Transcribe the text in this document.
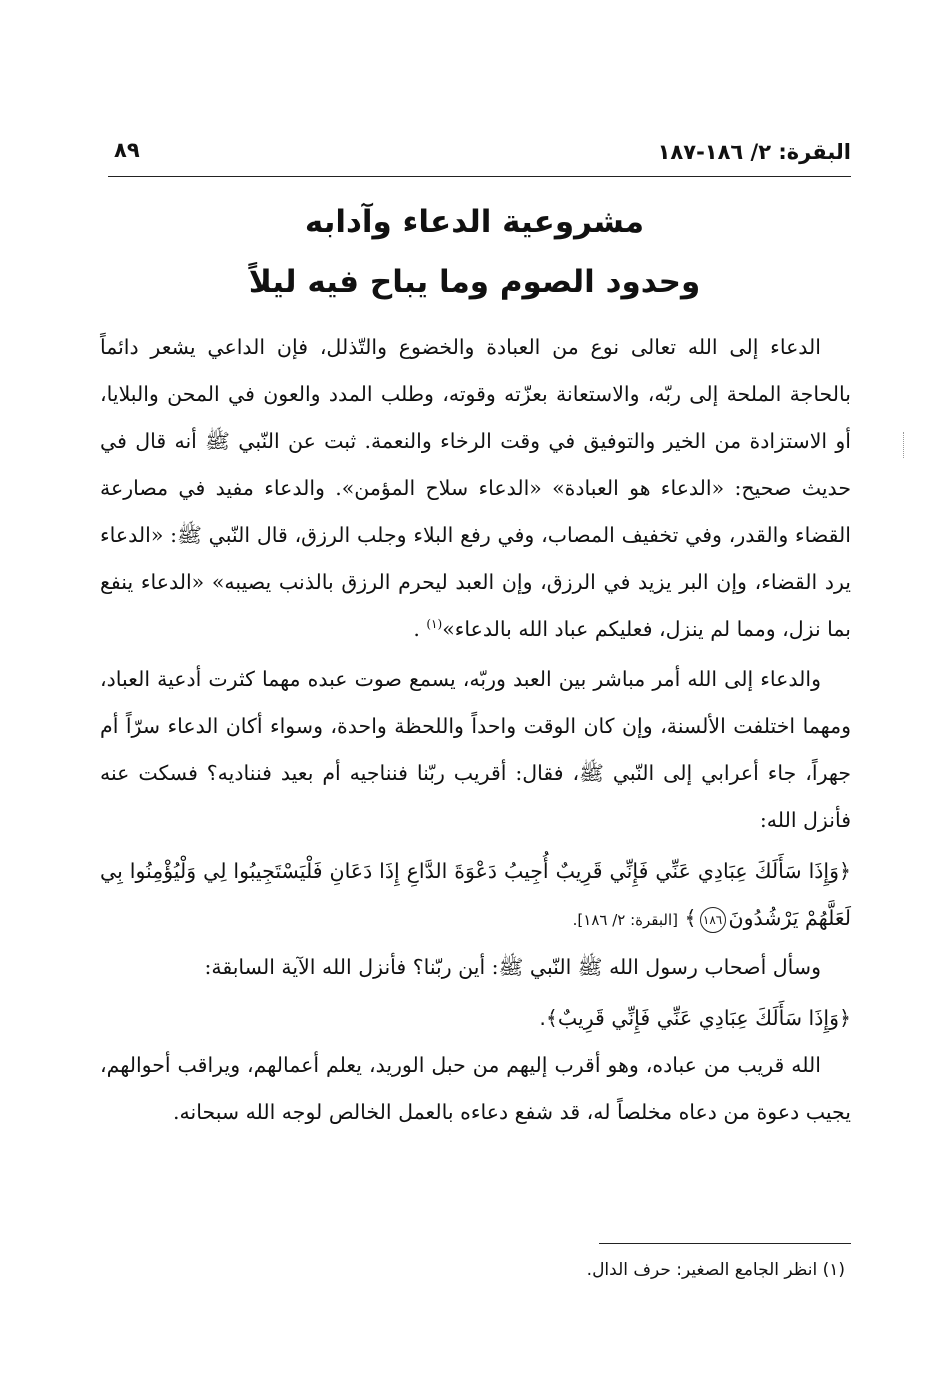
البقرة: ٢/ ١٨٦-١٨٧
٨٩
مشروعية الدعاء وآدابه
وحدود الصوم وما يباح فيه ليلاً

الدعاء إلى الله تعالى نوع من العبادة والخضوع والتّذلل، فإن الداعي يشعر دائماً بالحاجة الملحة إلى ربّه، والاستعانة بعزّته وقوته، وطلب المدد والعون في المحن والبلايا، أو الاستزادة من الخير والتوفيق في وقت الرخاء والنعمة. ثبت عن النّبي ﷺ أنه قال في حديث صحيح: «الدعاء هو العبادة» «الدعاء سلاح المؤمن». والدعاء مفيد في مصارعة القضاء والقدر، وفي تخفيف المصاب، وفي رفع البلاء وجلب الرزق، قال النّبي ﷺ: «الدعاء يرد القضاء، وإن البر يزيد في الرزق، وإن العبد ليحرم الرزق بالذنب يصيبه» «الدعاء ينفع بما نزل، ومما لم ينزل، فعليكم عباد الله بالدعاء»$^{(١)}$ .

والدعاء إلى الله أمر مباشر بين العبد وربّه، يسمع صوت عبده مهما كثرت أدعية العباد، ومهما اختلفت الألسنة، وإن كان الوقت واحداً واللحظة واحدة، وسواء أكان الدعاء سرّاً أم جهراً، جاء أعرابي إلى النّبي ﷺ، فقال: أقريب ربّنا فنناجيه أم بعيد فنناديه؟ فسكت عنه فأنزل الله:

﴿وَإِذَا سَأَلَكَ عِبَادِي عَنِّي فَإِنِّي قَرِيبٌ أُجِيبُ دَعْوَةَ الدَّاعِ إِذَا دَعَانِ فَلْيَسْتَجِيبُوا لِي وَلْيُؤْمِنُوا بِي لَعَلَّهُمْ يَرْشُدُونَ١٨٦﴾ [البقرة: ٢/ ١٨٦].

وسأل أصحاب رسول الله ﷺ النّبي ﷺ: أين ربّنا؟ فأنزل الله الآية السابقة:

﴿وَإِذَا سَأَلَكَ عِبَادِي عَنِّي فَإِنِّي قَرِيبٌ﴾.

الله قريب من عباده، وهو أقرب إليهم من حبل الوريد، يعلم أعمالهم، ويراقب أحوالهم، يجيب دعوة من دعاه مخلصاً له، قد شفع دعاءه بالعمل الخالص لوجه الله سبحانه.

(١) انظر الجامع الصغير: حرف الدال.
